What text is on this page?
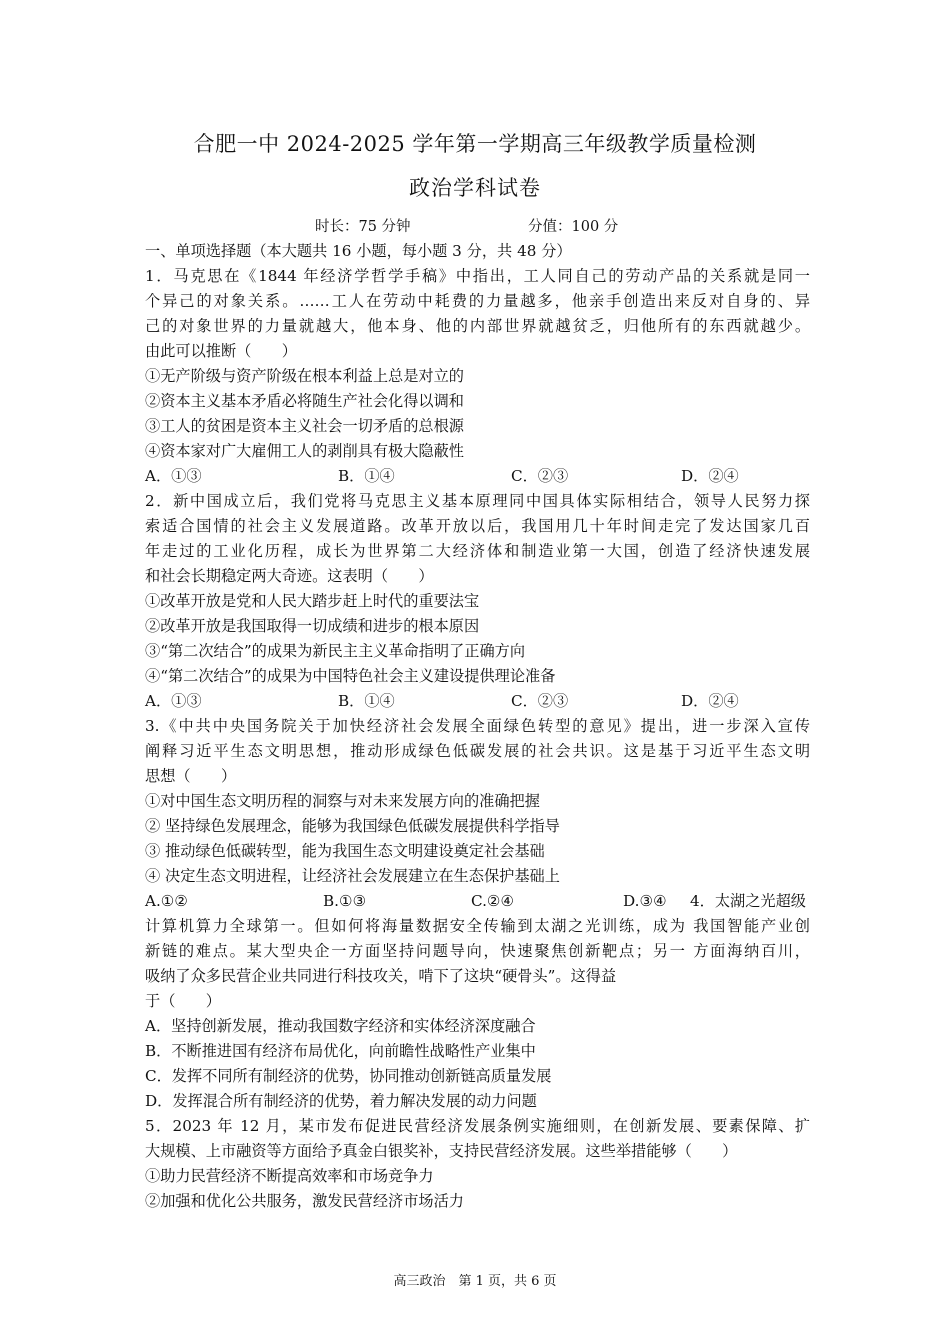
合肥一中 2024-2025 学年第一学期高三年级教学质量检测
政治学科试卷
时长：75 分钟	分值：100 分
一、单项选择题（本大题共 16 小题，每小题 3 分，共 48 分）
1．马克思在《1844 年经济学哲学手稿》中指出，工人同自己的劳动产品的关系就是同一
个异己的对象关系。……工人在劳动中耗费的力量越多，他亲手创造出来反对自身的、异
己的对象世界的力量就越大，他本身、他的内部世界就越贫乏，归他所有的东西就越少。
由此可以推断（　　）
①无产阶级与资产阶级在根本利益上总是对立的
②资本主义基本矛盾必将随生产社会化得以调和
③工人的贫困是资本主义社会一切矛盾的总根源
④资本家对广大雇佣工人的剥削具有极大隐蔽性
A．①③	B．①④	C．②③	D．②④
2．新中国成立后，我们党将马克思主义基本原理同中国具体实际相结合，领导人民努力探
索适合国情的社会主义发展道路。改革开放以后，我国用几十年时间走完了发达国家几百
年走过的工业化历程，成长为世界第二大经济体和制造业第一大国，创造了经济快速发展
和社会长期稳定两大奇迹。这表明（　　）
①改革开放是党和人民大踏步赶上时代的重要法宝
②改革开放是我国取得一切成绩和进步的根本原因
③“第二次结合”的成果为新民主主义革命指明了正确方向
④“第二次结合”的成果为中国特色社会主义建设提供理论准备
A．①③	B．①④	C．②③	D．②④
3.《中共中央国务院关于加快经济社会发展全面绿色转型的意见》提出，进一步深入宣传
阐释习近平生态文明思想，推动形成绿色低碳发展的社会共识。这是基于习近平生态文明
思想（　　）
①对中国生态文明历程的洞察与对未来发展方向的准确把握
② 坚持绿色发展理念，能够为我国绿色低碳发展提供科学指导
③ 推动绿色低碳转型，能为我国生态文明建设奠定社会基础
④ 决定生态文明进程，让经济社会发展建立在生态保护基础上
A.①②	B.①③	C.②④	D.③④ 4．太湖之光超级
计算机算力全球第一。但如何将海量数据安全传输到太湖之光训练，成为 我国智能产业创
新链的难点。某大型央企一方面坚持问题导向，快速聚焦创新靶点；另一 方面海纳百川，
吸纳了众多民营企业共同进行科技攻关，啃下了这块“硬骨头”。这得益
于（　　）
A．坚持创新发展，推动我国数字经济和实体经济深度融合
B．不断推进国有经济布局优化，向前瞻性战略性产业集中
C．发挥不同所有制经济的优势，协同推动创新链高质量发展
D．发挥混合所有制经济的优势，着力解决发展的动力问题
5．2023 年 12 月，某市发布促进民营经济发展条例实施细则，在创新发展、要素保障、扩
大规模、上市融资等方面给予真金白银奖补，支持民营经济发展。这些举措能够（　　）
①助力民营经济不断提高效率和市场竞争力
②加强和优化公共服务，激发民营经济市场活力
高三政治　第 1 页，共 6 页
